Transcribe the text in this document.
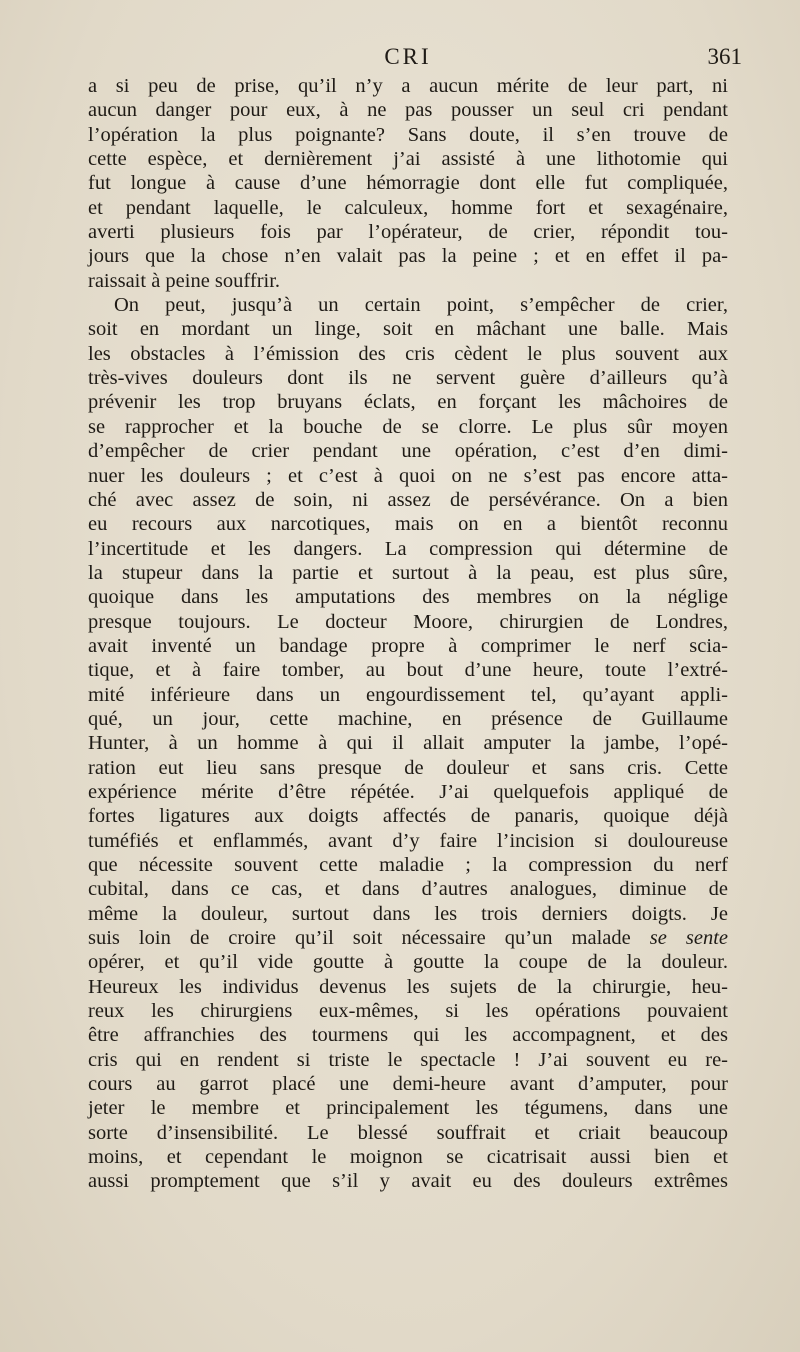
CRI	361
a si peu de prise, qu’il n’y a aucun mérite de leur part, ni
aucun danger pour eux, à ne pas pousser un seul cri pendant
l’opération la plus poignante? Sans doute, il s’en trouve de
cette espèce, et dernièrement j’ai assisté à une lithotomie qui
fut longue à cause d’une hémorragie dont elle fut compliquée,
et pendant laquelle, le calculeux, homme fort et sexagénaire,
averti plusieurs fois par l’opérateur, de crier, répondit tou-
jours que la chose n’en valait pas la peine ; et en effet il pa-
raissait à peine souffrir.
On peut, jusqu’à un certain point, s’empêcher de crier,
soit en mordant un linge, soit en mâchant une balle. Mais
les obstacles à l’émission des cris cèdent le plus souvent aux
très-vives douleurs dont ils ne servent guère d’ailleurs qu’à
prévenir les trop bruyans éclats, en forçant les mâchoires de
se rapprocher et la bouche de se clorre. Le plus sûr moyen
d’empêcher de crier pendant une opération, c’est d’en dimi-
nuer les douleurs ; et c’est à quoi on ne s’est pas encore atta-
ché avec assez de soin, ni assez de persévérance. On a bien
eu recours aux narcotiques, mais on en a bientôt reconnu
l’incertitude et les dangers. La compression qui détermine de
la stupeur dans la partie et surtout à la peau, est plus sûre,
quoique dans les amputations des membres on la néglige
presque toujours. Le docteur Moore, chirurgien de Londres,
avait inventé un bandage propre à comprimer le nerf scia-
tique, et à faire tomber, au bout d’une heure, toute l’extré-
mité inférieure dans un engourdissement tel, qu’ayant appli-
qué, un jour, cette machine, en présence de Guillaume
Hunter, à un homme à qui il allait amputer la jambe, l’opé-
ration eut lieu sans presque de douleur et sans cris. Cette
expérience mérite d’être répétée. J’ai quelquefois appliqué de
fortes ligatures aux doigts affectés de panaris, quoique déjà
tuméfiés et enflammés, avant d’y faire l’incision si douloureuse
que nécessite souvent cette maladie ; la compression du nerf
cubital, dans ce cas, et dans d’autres analogues, diminue de
même la douleur, surtout dans les trois derniers doigts. Je
suis loin de croire qu’il soit nécessaire qu’un malade se sente
opérer, et qu’il vide goutte à goutte la coupe de la douleur.
Heureux les individus devenus les sujets de la chirurgie, heu-
reux les chirurgiens eux-mêmes, si les opérations pouvaient
être affranchies des tourmens qui les accompagnent, et des
cris qui en rendent si triste le spectacle ! J’ai souvent eu re-
cours au garrot placé une demi-heure avant d’amputer, pour
jeter le membre et principalement les tégumens, dans une
sorte d’insensibilité. Le blessé souffrait et criait beaucoup
moins, et cependant le moignon se cicatrisait aussi bien et
aussi promptement que s’il y avait eu des douleurs extrêmes
